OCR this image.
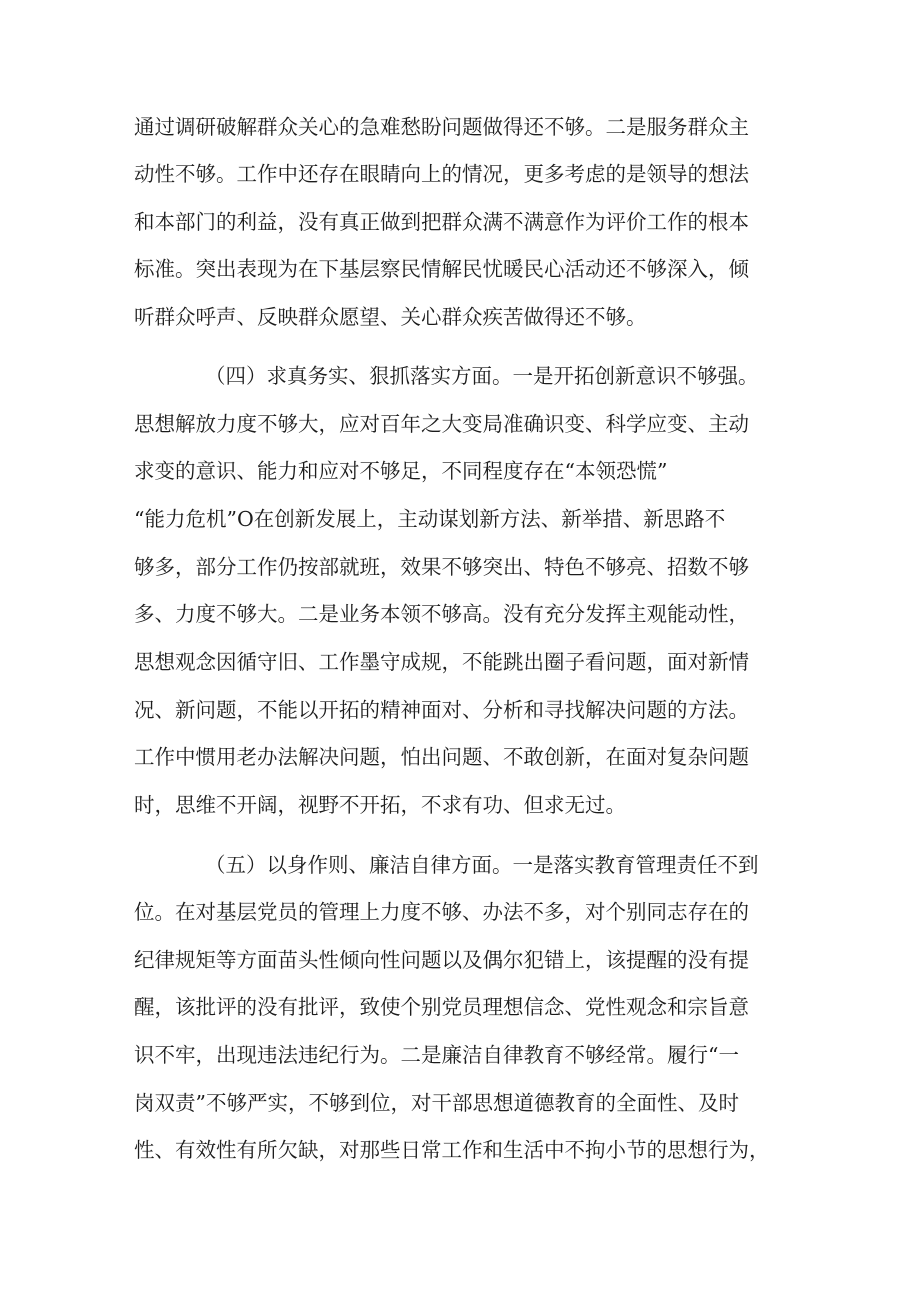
通过调研破解群众关心的急难愁盼问题做得还不够。二是服务群众主
动性不够。工作中还存在眼睛向上的情况，更多考虑的是领导的想法
和本部门的利益，没有真正做到把群众满不满意作为评价工作的根本
标准。突出表现为在下基层察民情解民忧暖民心活动还不够深入，倾
听群众呼声、反映群众愿望、关心群众疾苦做得还不够。
（四）求真务实、狠抓落实方面。一是开拓创新意识不够强。
思想解放力度不够大，应对百年之大变局准确识变、科学应变、主动
求变的意识、能力和应对不够足，不同程度存在“本领恐慌”
“能力危机”O在创新发展上，主动谋划新方法、新举措、新思路不
够多，部分工作仍按部就班，效果不够突出、特色不够亮、招数不够
多、力度不够大。二是业务本领不够高。没有充分发挥主观能动性，
思想观念因循守旧、工作墨守成规，不能跳出圈子看问题，面对新情
况、新问题，不能以开拓的精神面对、分析和寻找解决问题的方法。
工作中惯用老办法解决问题，怕出问题、不敢创新，在面对复杂问题
时，思维不开阔，视野不开拓，不求有功、但求无过。
（五）以身作则、廉洁自律方面。一是落实教育管理责任不到
位。在对基层党员的管理上力度不够、办法不多，对个别同志存在的
纪律规矩等方面苗头性倾向性问题以及偶尔犯错上，该提醒的没有提
醒，该批评的没有批评，致使个别党员理想信念、党性观念和宗旨意
识不牢，出现违法违纪行为。二是廉洁自律教育不够经常。履行“一
岗双责”不够严实，不够到位，对干部思想道德教育的全面性、及时
性、有效性有所欠缺，对那些日常工作和生活中不拘小节的思想行为，
